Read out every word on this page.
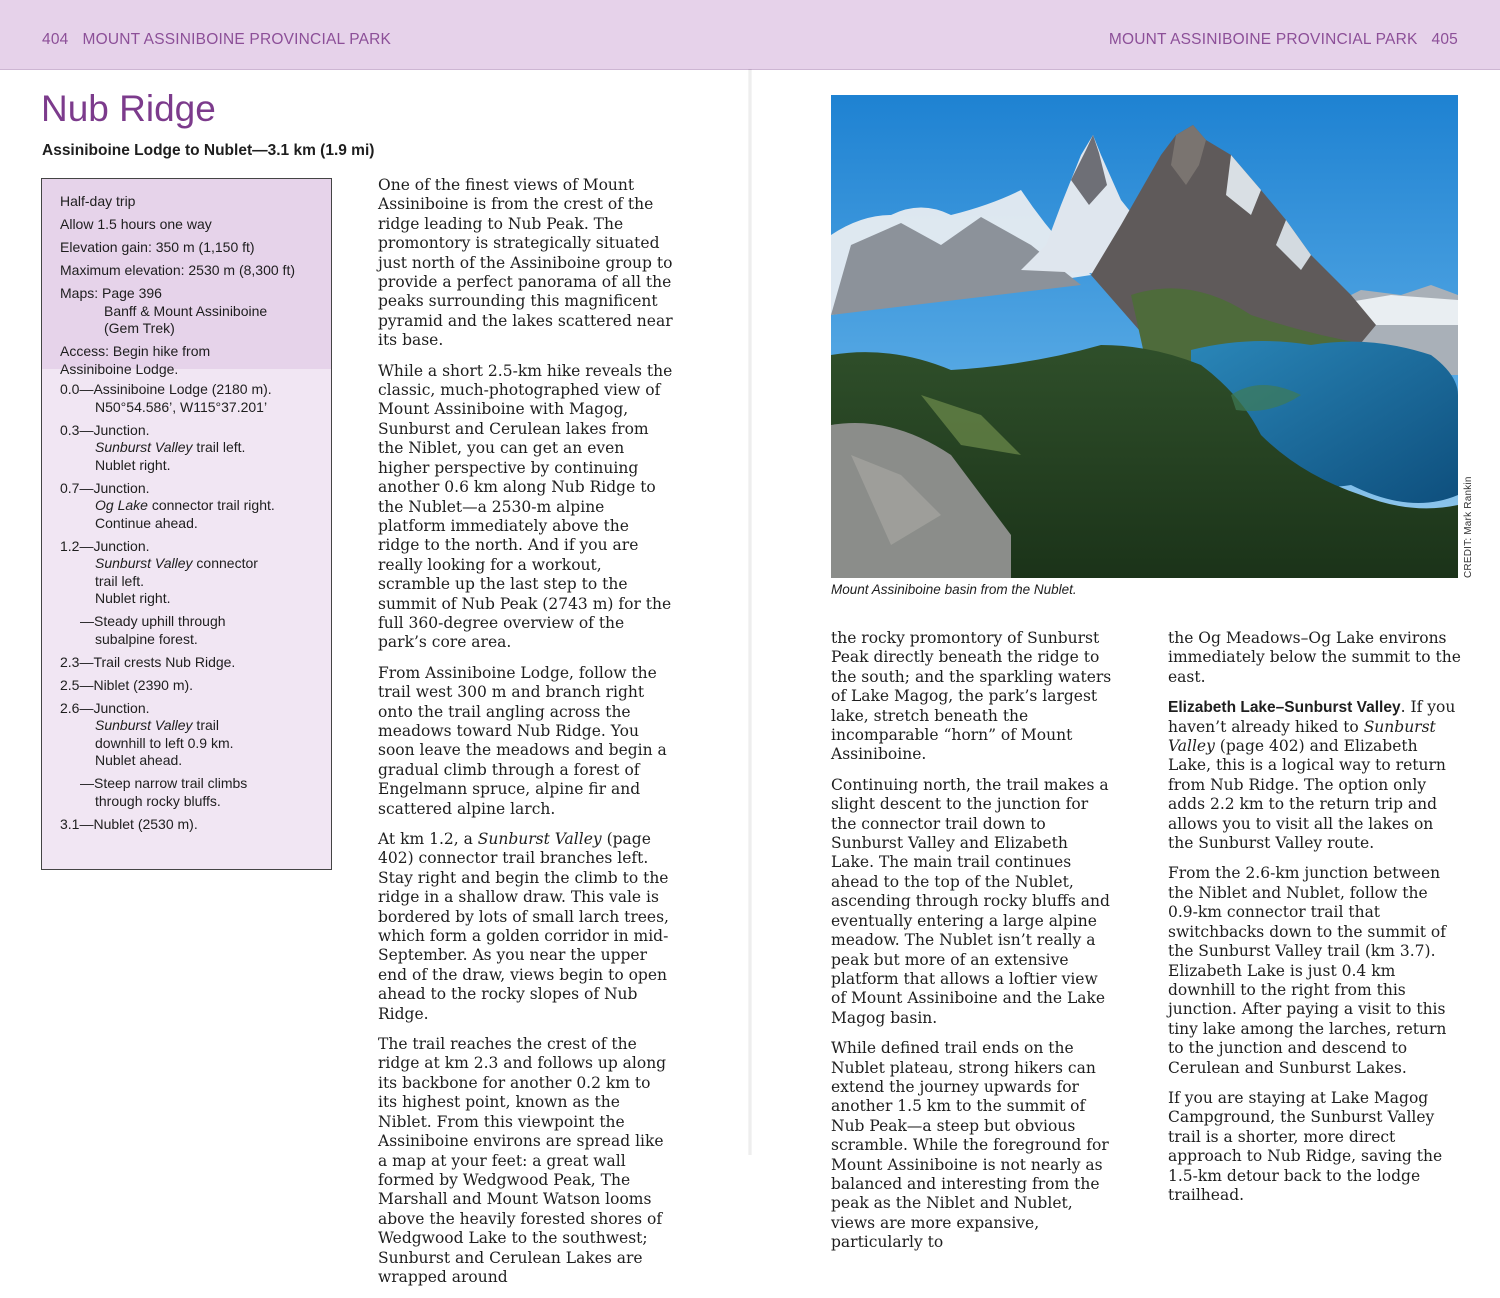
404 MOUNT ASSINIBOINE PROVINCIAL PARK	MOUNT ASSINIBOINE PROVINCIAL PARK 405
Nub Ridge
Assiniboine Lodge to Nublet—3.1 km (1.9 mi)
Half-day trip
Allow 1.5 hours one way
Elevation gain: 350 m (1,150 ft)
Maximum elevation: 2530 m (8,300 ft)
Maps: Page 396
Banff & Mount Assiniboine
(Gem Trek)
Access: Begin hike from
Assiniboine Lodge.
0.0—Assiniboine Lodge (2180 m).
N50°54.586’, W115°37.201’
0.3—Junction.
Sunburst Valley trail left.
Nublet right.
0.7—Junction.
Og Lake connector trail right.
Continue ahead.
1.2—Junction.
Sunburst Valley connector
trail left.
Nublet right.
—Steady uphill through
subalpine forest.
2.3—Trail crests Nub Ridge.
2.5—Niblet (2390 m).
2.6—Junction.
Sunburst Valley trail
downhill to left 0.9 km.
Nublet ahead.
—Steep narrow trail climbs
through rocky bluffs.
3.1—Nublet (2530 m).

One of the finest views of Mount Assiniboine is from the crest of the ridge leading to Nub Peak. The promontory is strategically situated just north of the Assiniboine group to provide a perfect panorama of all the peaks surrounding this magnificent pyramid and the lakes scattered near its base.

While a short 2.5-km hike reveals the classic, much-photographed view of Mount Assiniboine with Magog, Sunburst and Cerulean lakes from the Niblet, you can get an even higher perspective by continuing another 0.6 km along Nub Ridge to the Nublet—a 2530-m alpine platform immediately above the ridge to the north. And if you are really looking for a workout, scramble up the last step to the summit of Nub Peak (2743 m) for the full 360-degree overview of the park’s core area.

From Assiniboine Lodge, follow the trail west 300 m and branch right onto the trail angling across the meadows toward Nub Ridge. You soon leave the meadows and begin a gradual climb through a forest of Engelmann spruce, alpine fir and scattered alpine larch.

At km 1.2, a Sunburst Valley (page 402) connector trail branches left. Stay right and begin the climb to the ridge in a shallow draw. This vale is bordered by lots of small larch trees, which form a golden corridor in mid-September. As you near the upper end of the draw, views begin to open ahead to the rocky slopes of Nub Ridge.

The trail reaches the crest of the ridge at km 2.3 and follows up along its backbone for another 0.2 km to its highest point, known as the Niblet. From this viewpoint the Assiniboine environs are spread like a map at your feet: a great wall formed by Wedgwood Peak, The Marshall and Mount Watson looms above the heavily forested shores of Wedgwood Lake to the southwest; Sunburst and Cerulean Lakes are wrapped around

Mount Assiniboine basin from the Nublet.
CREDIT: Mark Rankin

the rocky promontory of Sunburst Peak directly beneath the ridge to the south; and the sparkling waters of Lake Magog, the park’s largest lake, stretch beneath the incomparable “horn” of Mount Assiniboine.

Continuing north, the trail makes a slight descent to the junction for the connector trail down to Sunburst Valley and Elizabeth Lake. The main trail continues ahead to the top of the Nublet, ascending through rocky bluffs and eventually entering a large alpine meadow. The Nublet isn’t really a peak but more of an extensive platform that allows a loftier view of Mount Assiniboine and the Lake Magog basin.

While defined trail ends on the Nublet plateau, strong hikers can extend the journey upwards for another 1.5 km to the summit of Nub Peak—a steep but obvious scramble. While the foreground for Mount Assiniboine is not nearly as balanced and interesting from the peak as the Niblet and Nublet, views are more expansive, particularly to

the Og Meadows–Og Lake environs immediately below the summit to the east.

Elizabeth Lake–Sunburst Valley. If you haven’t already hiked to Sunburst Valley (page 402) and Elizabeth Lake, this is a logical way to return from Nub Ridge. The option only adds 2.2 km to the return trip and allows you to visit all the lakes on the Sunburst Valley route.

From the 2.6-km junction between the Niblet and Nublet, follow the 0.9-km connector trail that switchbacks down to the summit of the Sunburst Valley trail (km 3.7). Elizabeth Lake is just 0.4 km downhill to the right from this junction. After paying a visit to this tiny lake among the larches, return to the junction and descend to Cerulean and Sunburst Lakes.

If you are staying at Lake Magog Campground, the Sunburst Valley trail is a shorter, more direct approach to Nub Ridge, saving the 1.5-km detour back to the lodge trailhead.
